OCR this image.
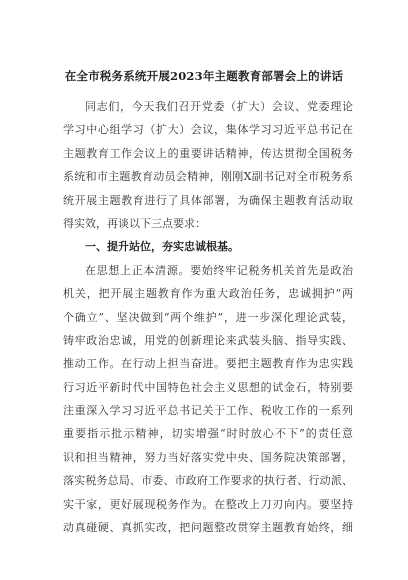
在全市税务系统开展2023年主题教育部署会上的讲话
同志们，今天我们召开党委（扩大）会议、党委理论
学习中心组学习（扩大）会议，集体学习习近平总书记在
主题教育工作会议上的重要讲话精神，传达贯彻全国税务
系统和市主题教育动员会精神，刚刚X副书记对全市税务系
统开展主题教育进行了具体部署，为确保主题教育活动取
得实效，再谈以下三点要求：
一、提升站位，夯实忠诚根基。
在思想上正本清源。要始终牢记税务机关首先是政治
机关，把开展主题教育作为重大政治任务，忠诚拥护“两
个确立”、坚决做到“两个维护”，进一步深化理论武装，
铸牢政治忠诚，用党的创新理论来武装头脑、指导实践、
推动工作。在行动上担当奋进。要把主题教育作为忠实践
行习近平新时代中国特色社会主义思想的试金石，特别要
注重深入学习习近平总书记关于工作、税收工作的一系列
重要指示批示精神，切实增强“时时放心不下”的责任意
识和担当精神，努力当好落实党中央、国务院决策部署，
落实税务总局、市委、市政府工作要求的执行者、行动派、
实干家，更好展现税务作为。在整改上刀刃向内。要坚持
动真碰硬、真抓实改，把问题整改贯穿主题教育始终，细
